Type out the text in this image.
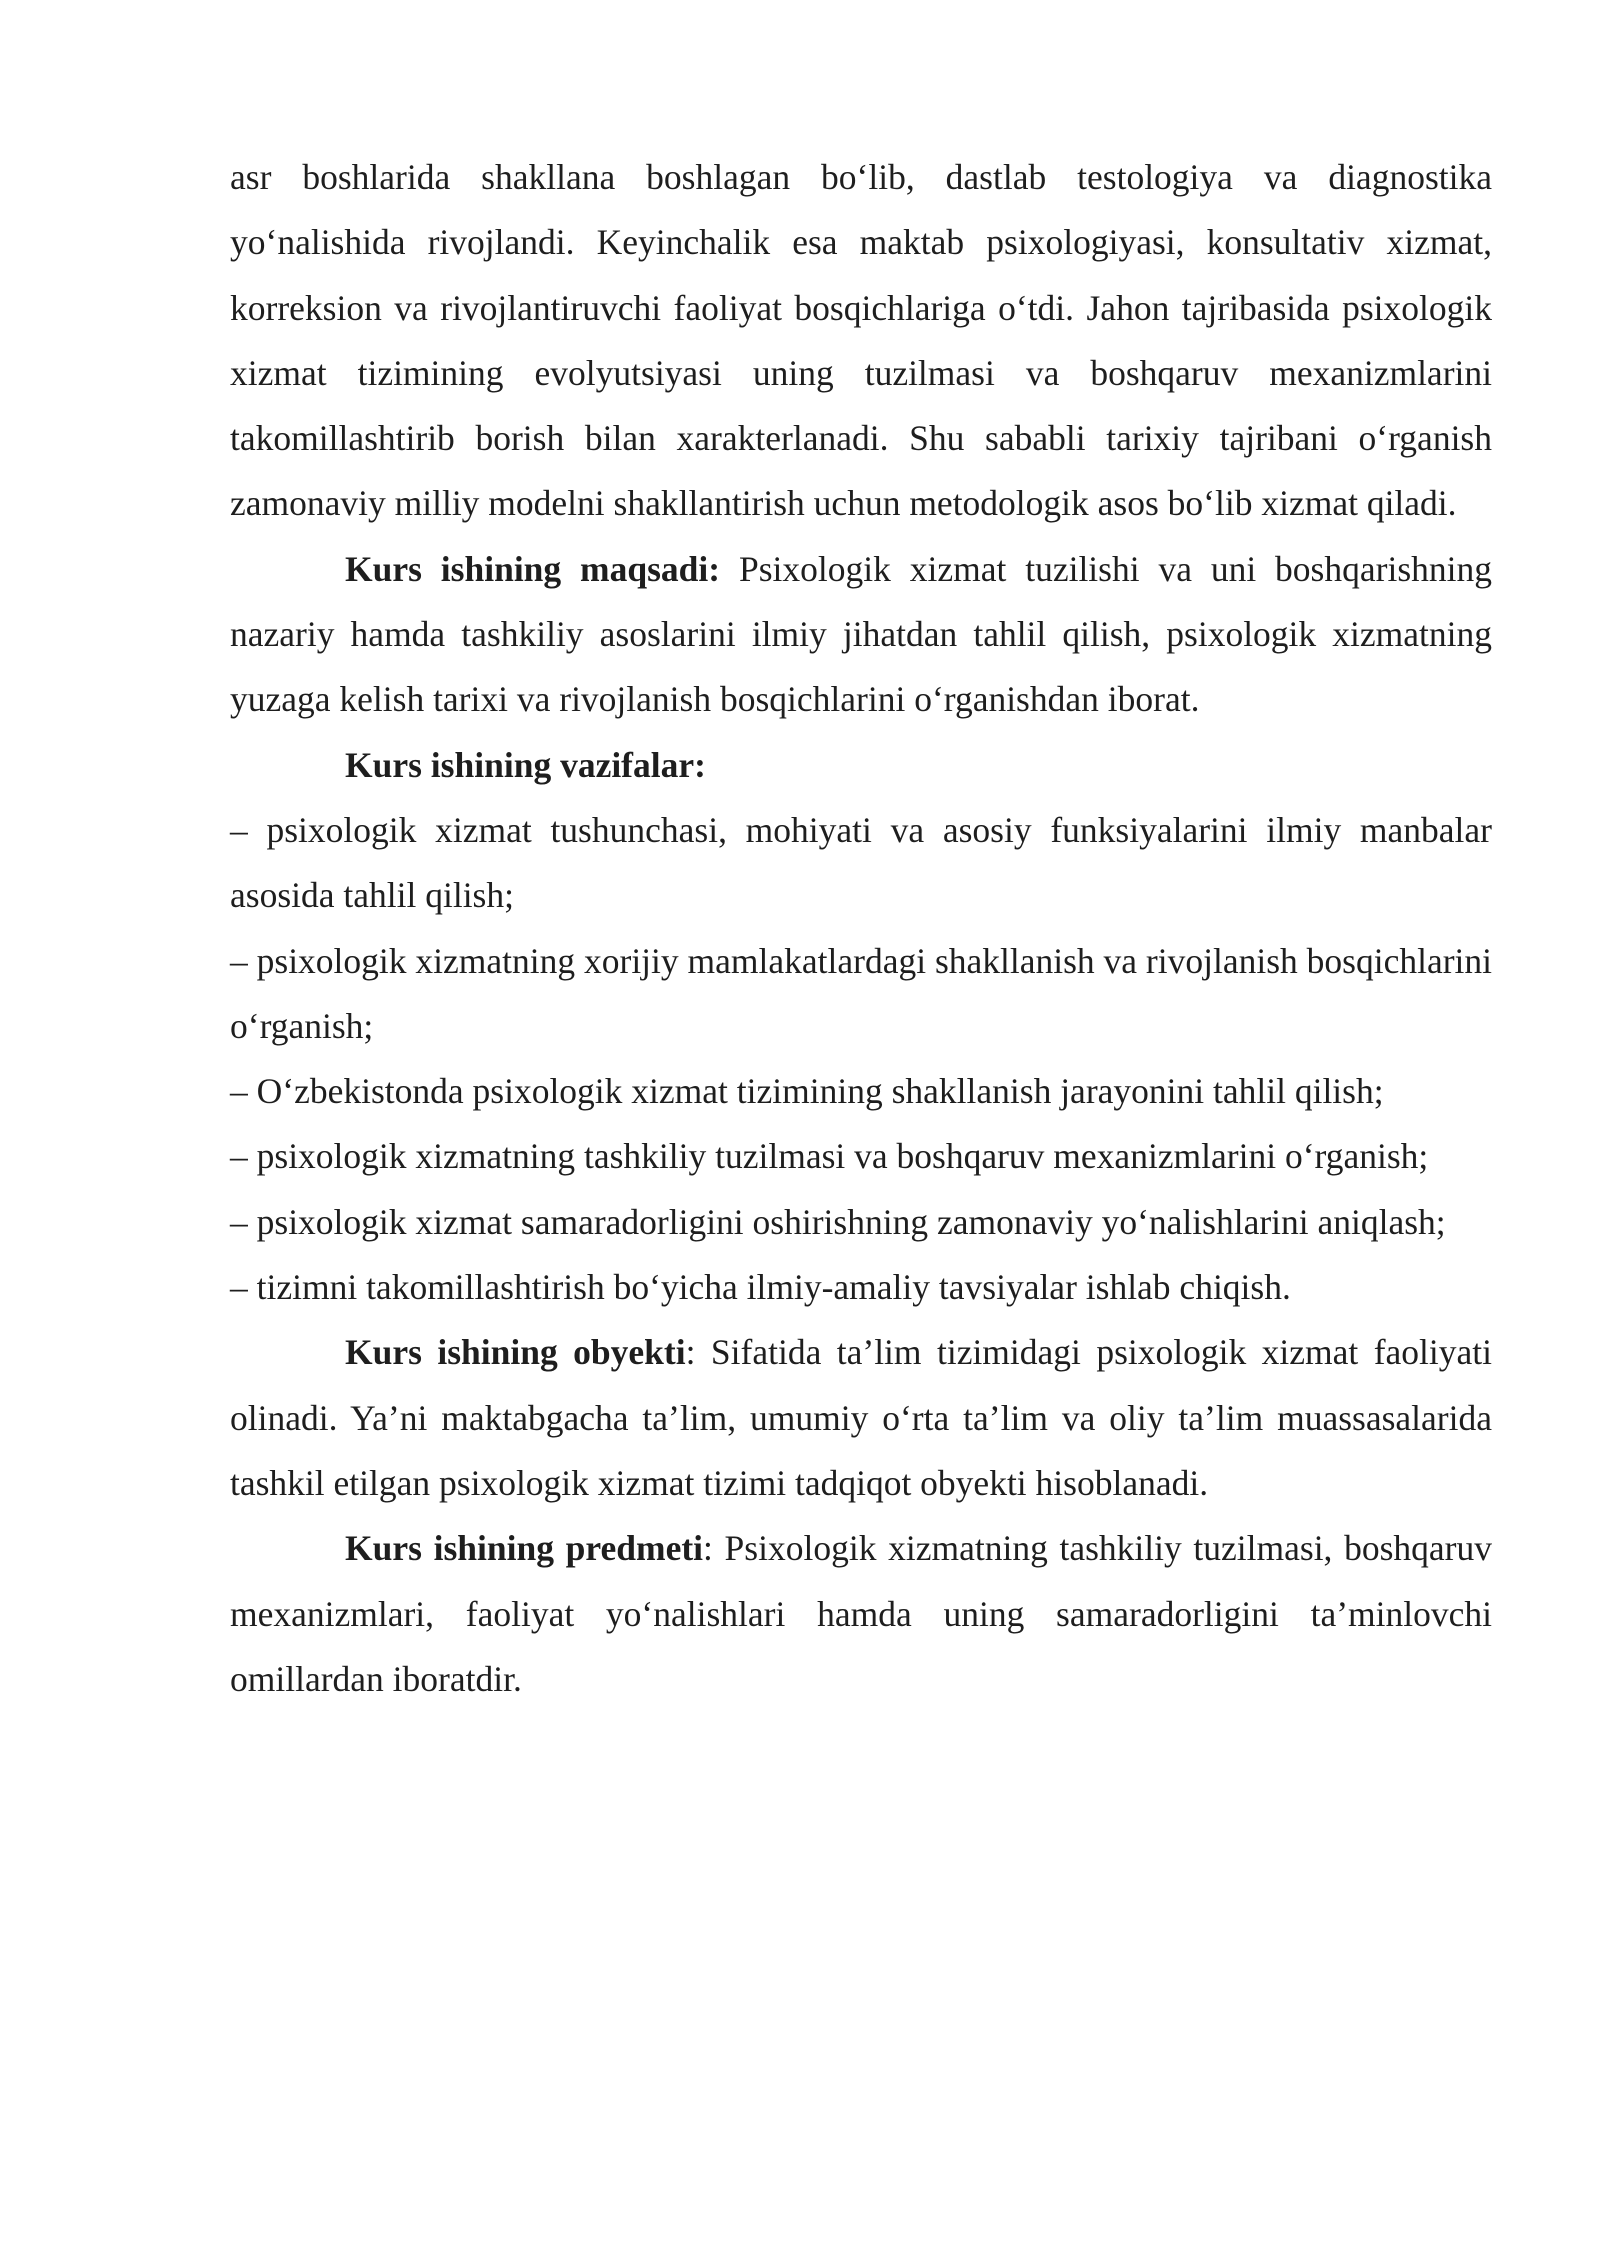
asr boshlarida shakllana boshlagan bo‘lib, dastlab testologiya va diagnostika yo‘nalishida rivojlandi. Keyinchalik esa maktab psixologiyasi, konsultativ xizmat, korreksion va rivojlantiruvchi faoliyat bosqichlariga o‘tdi. Jahon tajribasida psixologik xizmat tizimining evolyutsiyasi uning tuzilmasi va boshqaruv mexanizmlarini takomillashtirib borish bilan xarakterlanadi. Shu sababli tarixiy tajribani o‘rganish zamonaviy milliy modelni shakllantirish uchun metodologik asos bo‘lib xizmat qiladi.

Kurs ishining maqsadi: Psixologik xizmat tuzilishi va uni boshqarishning nazariy hamda tashkiliy asoslarini ilmiy jihatdan tahlil qilish, psixologik xizmatning yuzaga kelish tarixi va rivojlanish bosqichlarini o‘rganishdan iborat.

Kurs ishining vazifalar:

– psixologik xizmat tushunchasi, mohiyati va asosiy funksiyalarini ilmiy manbalar asosida tahlil qilish;
– psixologik xizmatning xorijiy mamlakatlardagi shakllanish va rivojlanish bosqichlarini o‘rganish;
– O‘zbekistonda psixologik xizmat tizimining shakllanish jarayonini tahlil qilish;
– psixologik xizmatning tashkiliy tuzilmasi va boshqaruv mexanizmlarini o‘rganish;
– psixologik xizmat samaradorligini oshirishning zamonaviy yo‘nalishlarini aniqlash;
– tizimni takomillashtirish bo‘yicha ilmiy-amaliy tavsiyalar ishlab chiqish.

Kurs ishining obyekti: Sifatida ta’lim tizimidagi psixologik xizmat faoliyati olinadi. Ya’ni maktabgacha ta’lim, umumiy o‘rta ta’lim va oliy ta’lim muassasalarida tashkil etilgan psixologik xizmat tizimi tadqiqot obyekti hisoblanadi.

Kurs ishining predmeti: Psixologik xizmatning tashkiliy tuzilmasi, boshqaruv mexanizmlari, faoliyat yo‘nalishlari hamda uning samaradorligini ta’minlovchi omillardan iboratdir.
